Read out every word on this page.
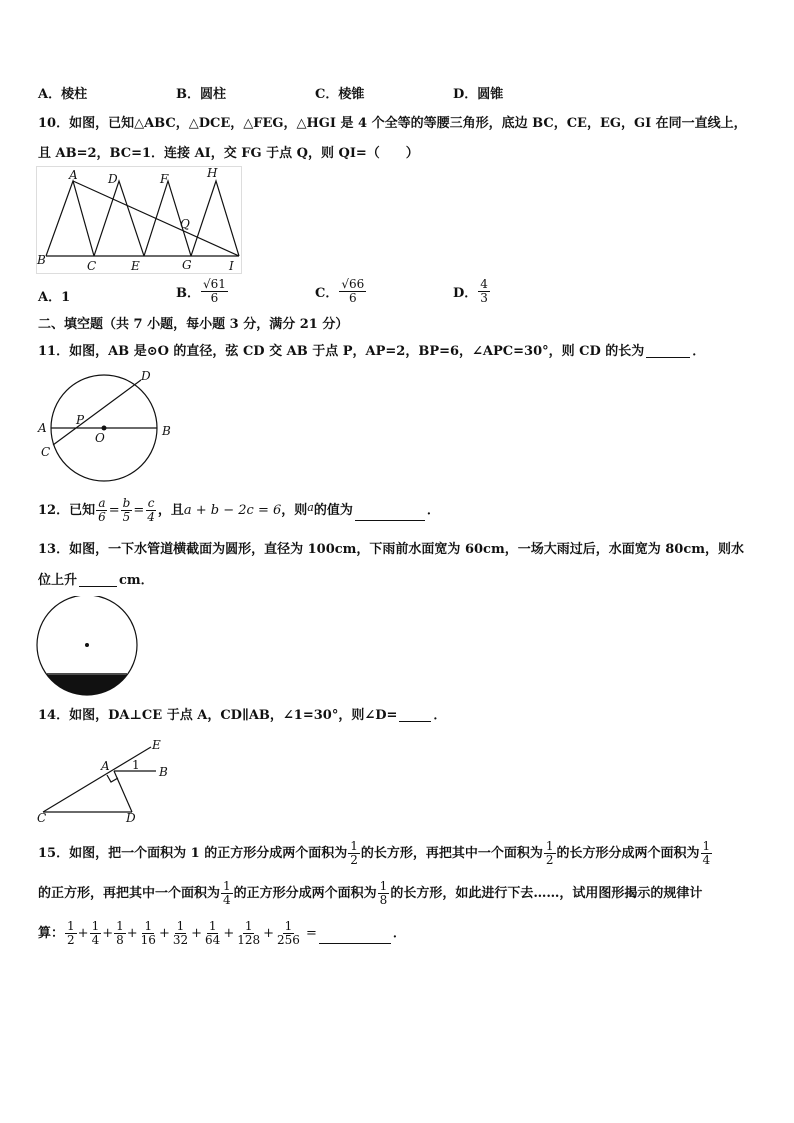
A．棱柱	B．圆柱	C．棱锥	D．圆锥
10．如图，已知△ABC，△DCE，△FEG，△HGI 是 4 个全等的等腰三角形，底边 BC，CE，EG，GI 在同一直线上，
且 AB=2，BC=1．连接 AI，交 FG 于点 Q，则 QI=（　　）
A	D	F	H
Q
B	C	E	G	I
A．1	B． $\frac{√61}{6}$	C． $\frac{√66}{6}$	D． $\frac{4}{3}$
二、填空题（共 7 小题，每小题 3 分，满分 21 分）
11．如图，AB 是⊙O 的直径，弦 CD 交 AB 于点 P，AP=2，BP=6，∠APC=30°，则 CD 的长为	．
D
A
P
O	B
C
12．已知 $\frac{a}{6} = \frac{b}{5} = \frac{c}{4}$ ，且 a + b − 2c = 6 ，则 a 的值为	．
13．如图，一下水管道横截面为圆形，直径为 100cm，下雨前水面宽为 60cm，一场大雨过后，水面宽为 80cm，则水
位上升	cm．
14．如图，DA⊥CE 于点 A，CD∥AB，∠1=30°，则∠D=	．
E
A 1 B
C	D
15．如图，把一个面积为 1 的正方形分成两个面积为 $\frac{1}{2}$ 的长方形，再把其中一个面积为 $\frac{1}{2}$ 的长方形分成两个面积为 $\frac{1}{4}$
的正方形，再把其中一个面积为 $\frac{1}{4}$ 的正方形分成两个面积为 $\frac{1}{8}$ 的长方形，如此进行下去……，试用图形揭示的规律计
算： $\frac{1}{2} + \frac{1}{4} + \frac{1}{8} + \frac{1}{16} + \frac{1}{32} + \frac{1}{64} + \frac{1}{128} + \frac{1}{256}$ =	．
